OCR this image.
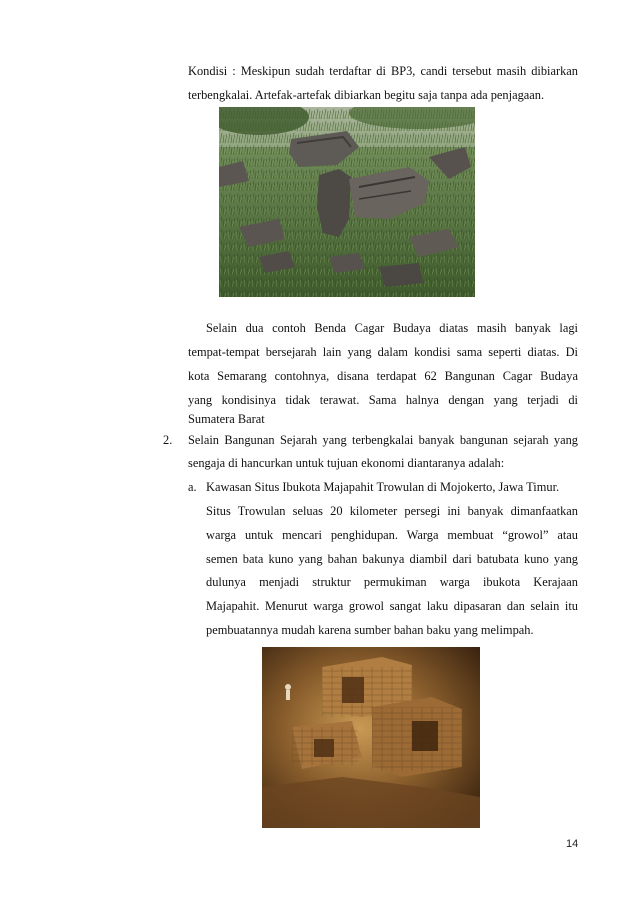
Kondisi : Meskipun sudah terdaftar di BP3, candi tersebut masih dibiarkan
terbengkalai. Artefak-artefak dibiarkan begitu saja tanpa ada penjagaan.
Selain dua contoh Benda Cagar Budaya diatas masih banyak lagi
tempat-tempat bersejarah lain yang dalam kondisi sama seperti diatas. Di
kota Semarang contohnya, disana terdapat 62 Bangunan Cagar Budaya
yang kondisinya tidak terawat. Sama halnya dengan yang terjadi di
Sumatera Barat
2. Selain Bangunan Sejarah yang terbengkalai banyak bangunan sejarah yang
sengaja di hancurkan untuk tujuan ekonomi diantaranya adalah:
a. Kawasan Situs Ibukota Majapahit Trowulan di Mojokerto, Jawa Timur.
Situs Trowulan seluas 20 kilometer persegi ini banyak dimanfaatkan
warga untuk mencari penghidupan. Warga membuat “growol” atau
semen bata kuno yang bahan bakunya diambil dari batubata kuno yang
dulunya menjadi struktur permukiman warga ibukota Kerajaan
Majapahit. Menurut warga growol sangat laku dipasaran dan selain itu
pembuatannya mudah karena sumber bahan baku yang melimpah.
14
